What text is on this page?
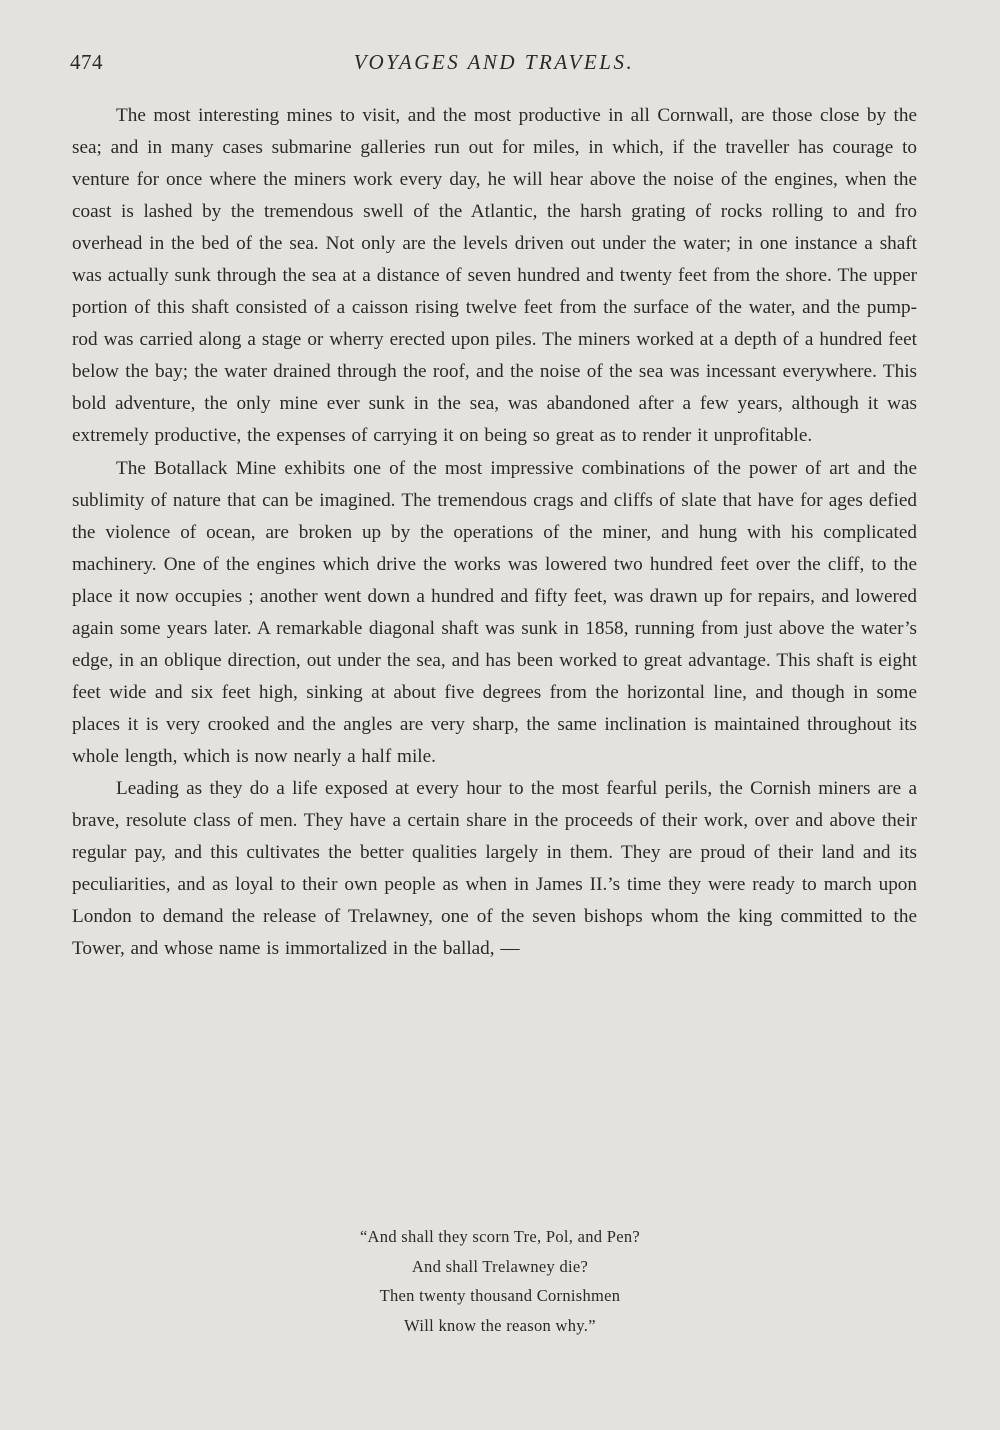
474	VOYAGES AND TRAVELS.

The most interesting mines to visit, and the most productive in all Cornwall, are those close by the sea; and in many cases submarine galleries run out for miles, in which, if the traveller has courage to venture for once where the miners work every day, he will hear above the noise of the engines, when the coast is lashed by the tremendous swell of the Atlantic, the harsh grating of rocks rolling to and fro overhead in the bed of the sea. Not only are the levels driven out under the water; in one instance a shaft was actually sunk through the sea at a distance of seven hundred and twenty feet from the shore. The upper portion of this shaft consisted of a caisson rising twelve feet from the surface of the water, and the pump-rod was carried along a stage or wherry erected upon piles. The miners worked at a depth of a hundred feet below the bay; the water drained through the roof, and the noise of the sea was incessant everywhere. This bold adventure, the only mine ever sunk in the sea, was abandoned after a few years, although it was extremely productive, the expenses of carrying it on being so great as to render it unprofitable.

The Botallack Mine exhibits one of the most impressive combinations of the power of art and the sublimity of nature that can be imagined. The tremendous crags and cliffs of slate that have for ages defied the violence of ocean, are broken up by the operations of the miner, and hung with his complicated machinery. One of the engines which drive the works was lowered two hundred feet over the cliff, to the place it now occupies ; another went down a hundred and fifty feet, was drawn up for repairs, and lowered again some years later. A remarkable diagonal shaft was sunk in 1858, running from just above the water’s edge, in an oblique direction, out under the sea, and has been worked to great advantage. This shaft is eight feet wide and six feet high, sinking at about five degrees from the horizontal line, and though in some places it is very crooked and the angles are very sharp, the same inclination is maintained throughout its whole length, which is now nearly a half mile.

Leading as they do a life exposed at every hour to the most fearful perils, the Cornish miners are a brave, resolute class of men. They have a certain share in the proceeds of their work, over and above their regular pay, and this cultivates the better qualities largely in them. They are proud of their land and its peculiarities, and as loyal to their own people as when in James II.’s time they were ready to march upon London to demand the release of Trelawney, one of the seven bishops whom the king committed to the Tower, and whose name is immortalized in the ballad, —

“And shall they scorn Tre, Pol, and Pen?
And shall Trelawney die?
Then twenty thousand Cornishmen
Will know the reason why.”
